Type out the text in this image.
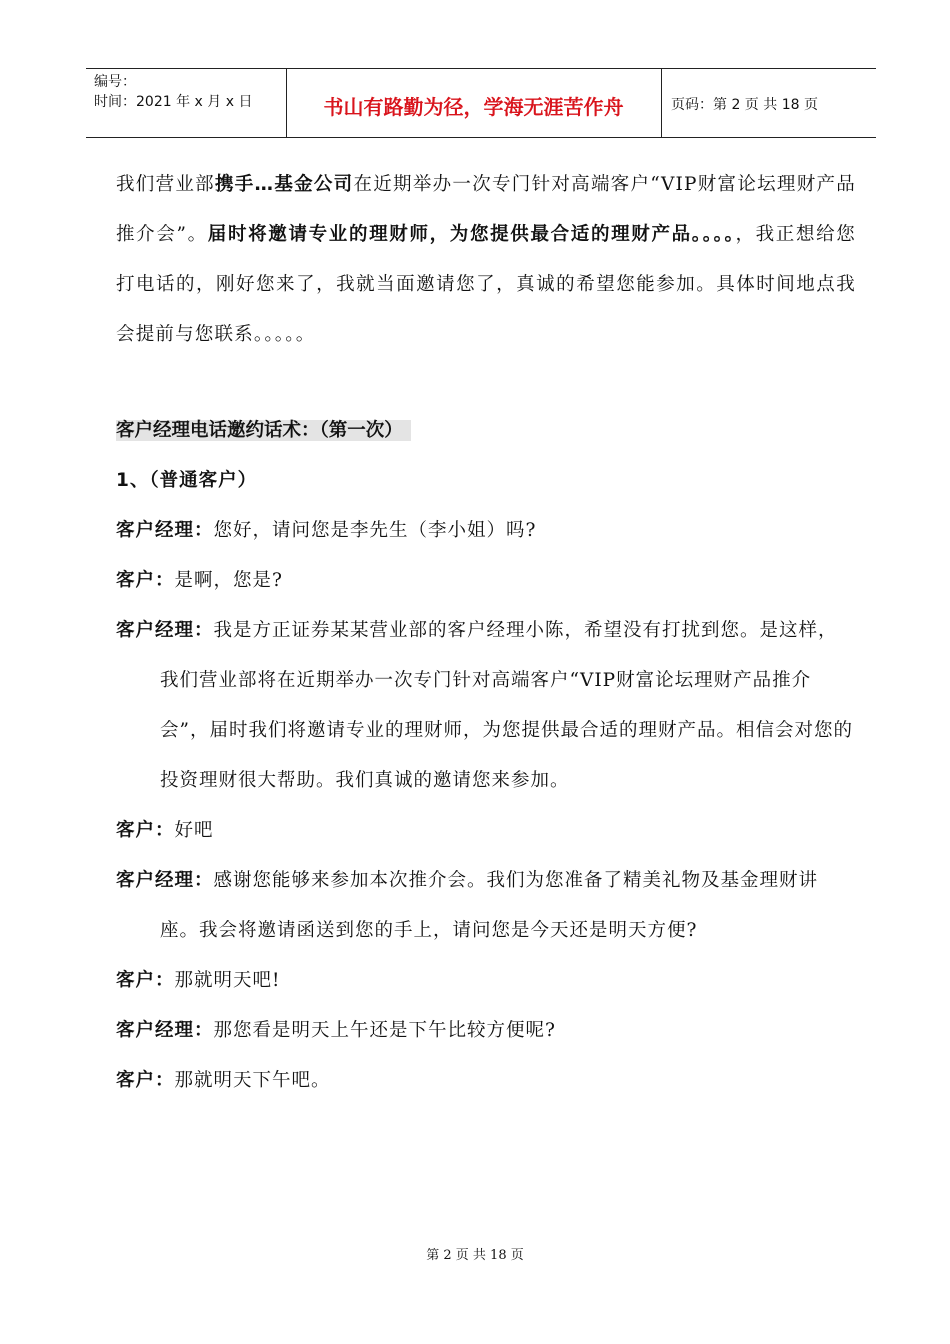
编号：
时间：2021 年 x 月 x 日	书山有路勤为径，学海无涯苦作舟	页码：第 2 页 共 18 页

我们营业部携手…基金公司在近期举办一次专门针对高端客户“VIP财富论坛理财产品推介会”。届时将邀请专业的理财师，为您提供最合适的理财产品。。。。，我正想给您打电话的，刚好您来了，我就当面邀请您了，真诚的希望您能参加。具体时间地点我会提前与您联系。。。。。

客户经理电话邀约话术：（第一次）

1、（普通客户）

客户经理：您好，请问您是李先生（李小姐）吗?

客户：是啊，您是?

客户经理：我是方正证券某某营业部的客户经理小陈，希望没有打扰到您。是这样，我们营业部将在近期举办一次专门针对高端客户“VIP财富论坛理财产品推介会”，届时我们将邀请专业的理财师，为您提供最合适的理财产品。相信会对您的投资理财很大帮助。我们真诚的邀请您来参加。

客户：好吧

客户经理：感谢您能够来参加本次推介会。我们为您准备了精美礼物及基金理财讲座。我会将邀请函送到您的手上，请问您是今天还是明天方便?

客户：那就明天吧!

客户经理：那您看是明天上午还是下午比较方便呢?

客户：那就明天下午吧。

第 2 页 共 18 页
